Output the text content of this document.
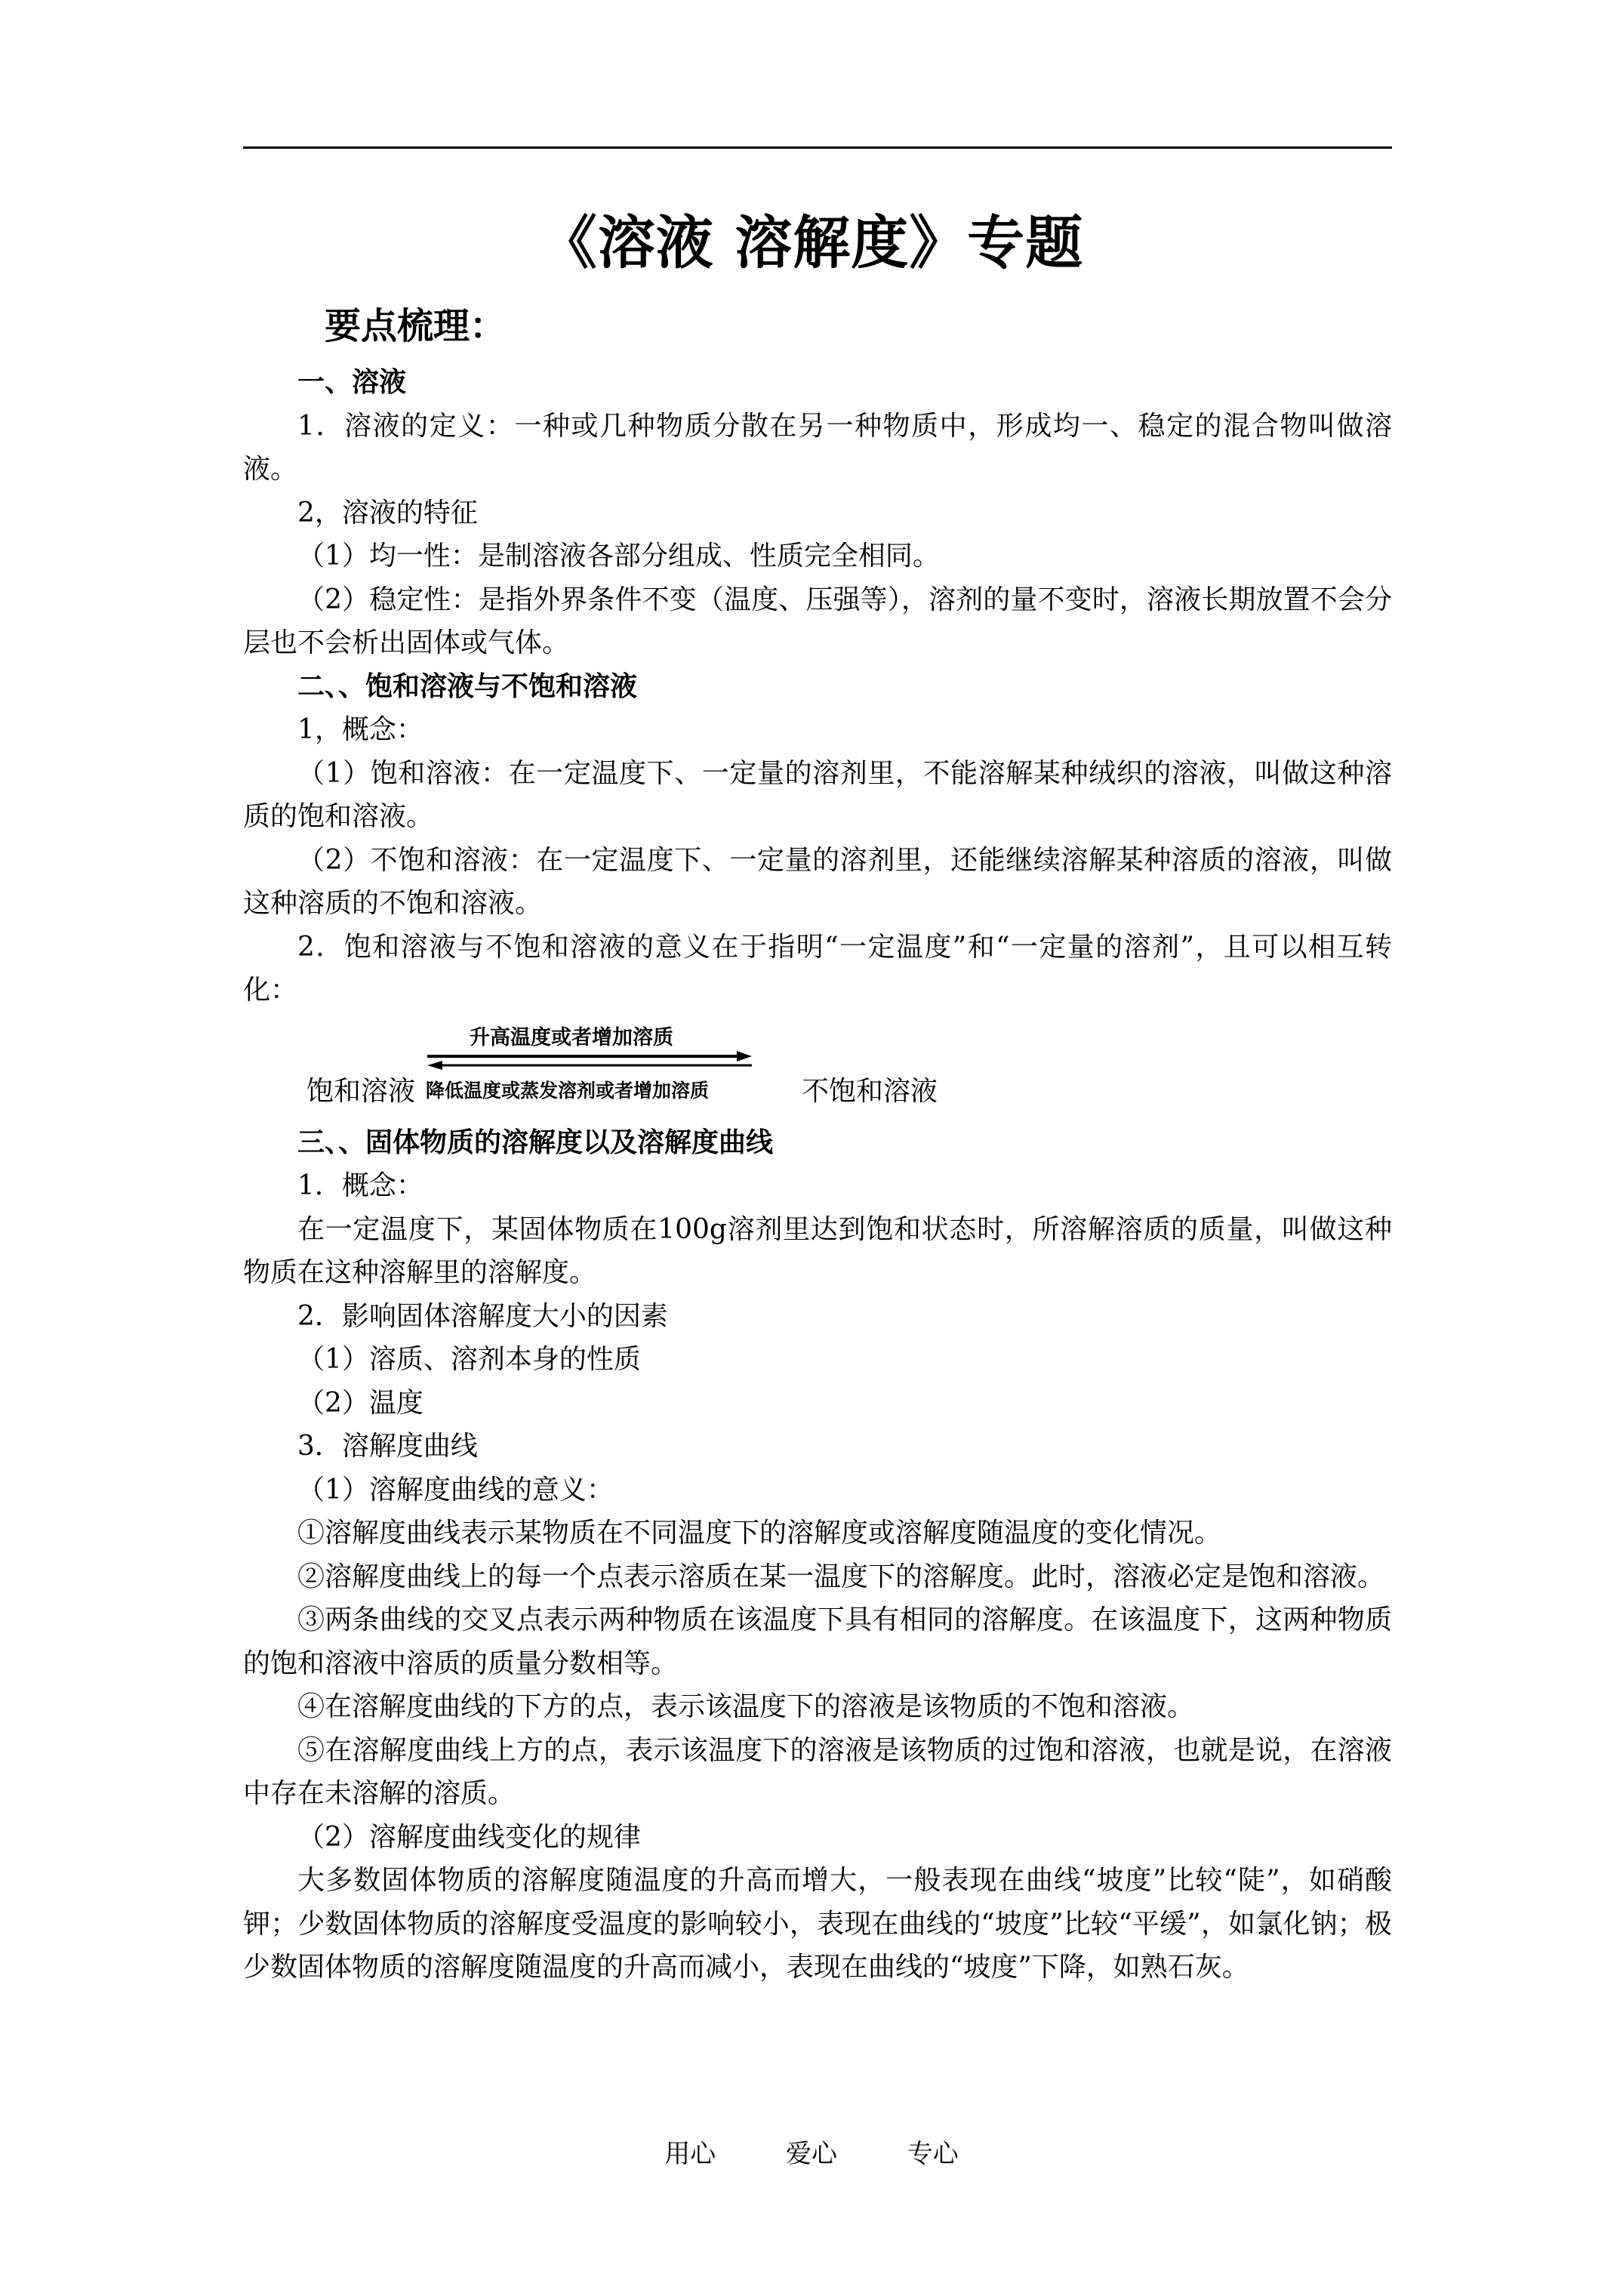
《溶液 溶解度》专题
要点梳理：

一、溶液

1．溶液的定义：一种或几种物质分散在另一种物质中，形成均一、稳定的混合物叫做溶液。

2，溶液的特征

（1）均一性：是制溶液各部分组成、性质完全相同。

（2）稳定性：是指外界条件不变（温度、压强等），溶剂的量不变时，溶液长期放置不会分层也不会析出固体或气体。

二、、饱和溶液与不饱和溶液

1，概念：

（1）饱和溶液：在一定温度下、一定量的溶剂里，不能溶解某种绒织的溶液，叫做这种溶质的饱和溶液。

（2）不饱和溶液：在一定温度下、一定量的溶剂里，还能继续溶解某种溶质的溶液，叫做这种溶质的不饱和溶液。

2．饱和溶液与不饱和溶液的意义在于指明“一定温度”和“一定量的溶剂”，且可以相互转化：

升高温度或者增加溶质
降低温度或蒸发溶剂或者增加溶质
饱和溶液	不饱和溶液

三、、固体物质的溶解度以及溶解度曲线

1．概念：

在一定温度下，某固体物质在100g溶剂里达到饱和状态时，所溶解溶质的质量，叫做这种物质在这种溶解里的溶解度。

2．影响固体溶解度大小的因素

（1）溶质、溶剂本身的性质

（2）温度

3．溶解度曲线

（1）溶解度曲线的意义：

①溶解度曲线表示某物质在不同温度下的溶解度或溶解度随温度的变化情况。

②溶解度曲线上的每一个点表示溶质在某一温度下的溶解度。此时，溶液必定是饱和溶液。

③两条曲线的交叉点表示两种物质在该温度下具有相同的溶解度。在该温度下，这两种物质的饱和溶液中溶质的质量分数相等。

④在溶解度曲线的下方的点，表示该温度下的溶液是该物质的不饱和溶液。

⑤在溶解度曲线上方的点，表示该温度下的溶液是该物质的过饱和溶液，也就是说，在溶液中存在未溶解的溶质。

（2）溶解度曲线变化的规律

大多数固体物质的溶解度随温度的升高而增大，一般表现在曲线“坡度”比较“陡”，如硝酸钾；少数固体物质的溶解度受温度的影响较小，表现在曲线的“坡度”比较“平缓”，如氯化钠；极少数固体物质的溶解度随温度的升高而减小，表现在曲线的“坡度”下降，如熟石灰。

用心	爱心	专心
